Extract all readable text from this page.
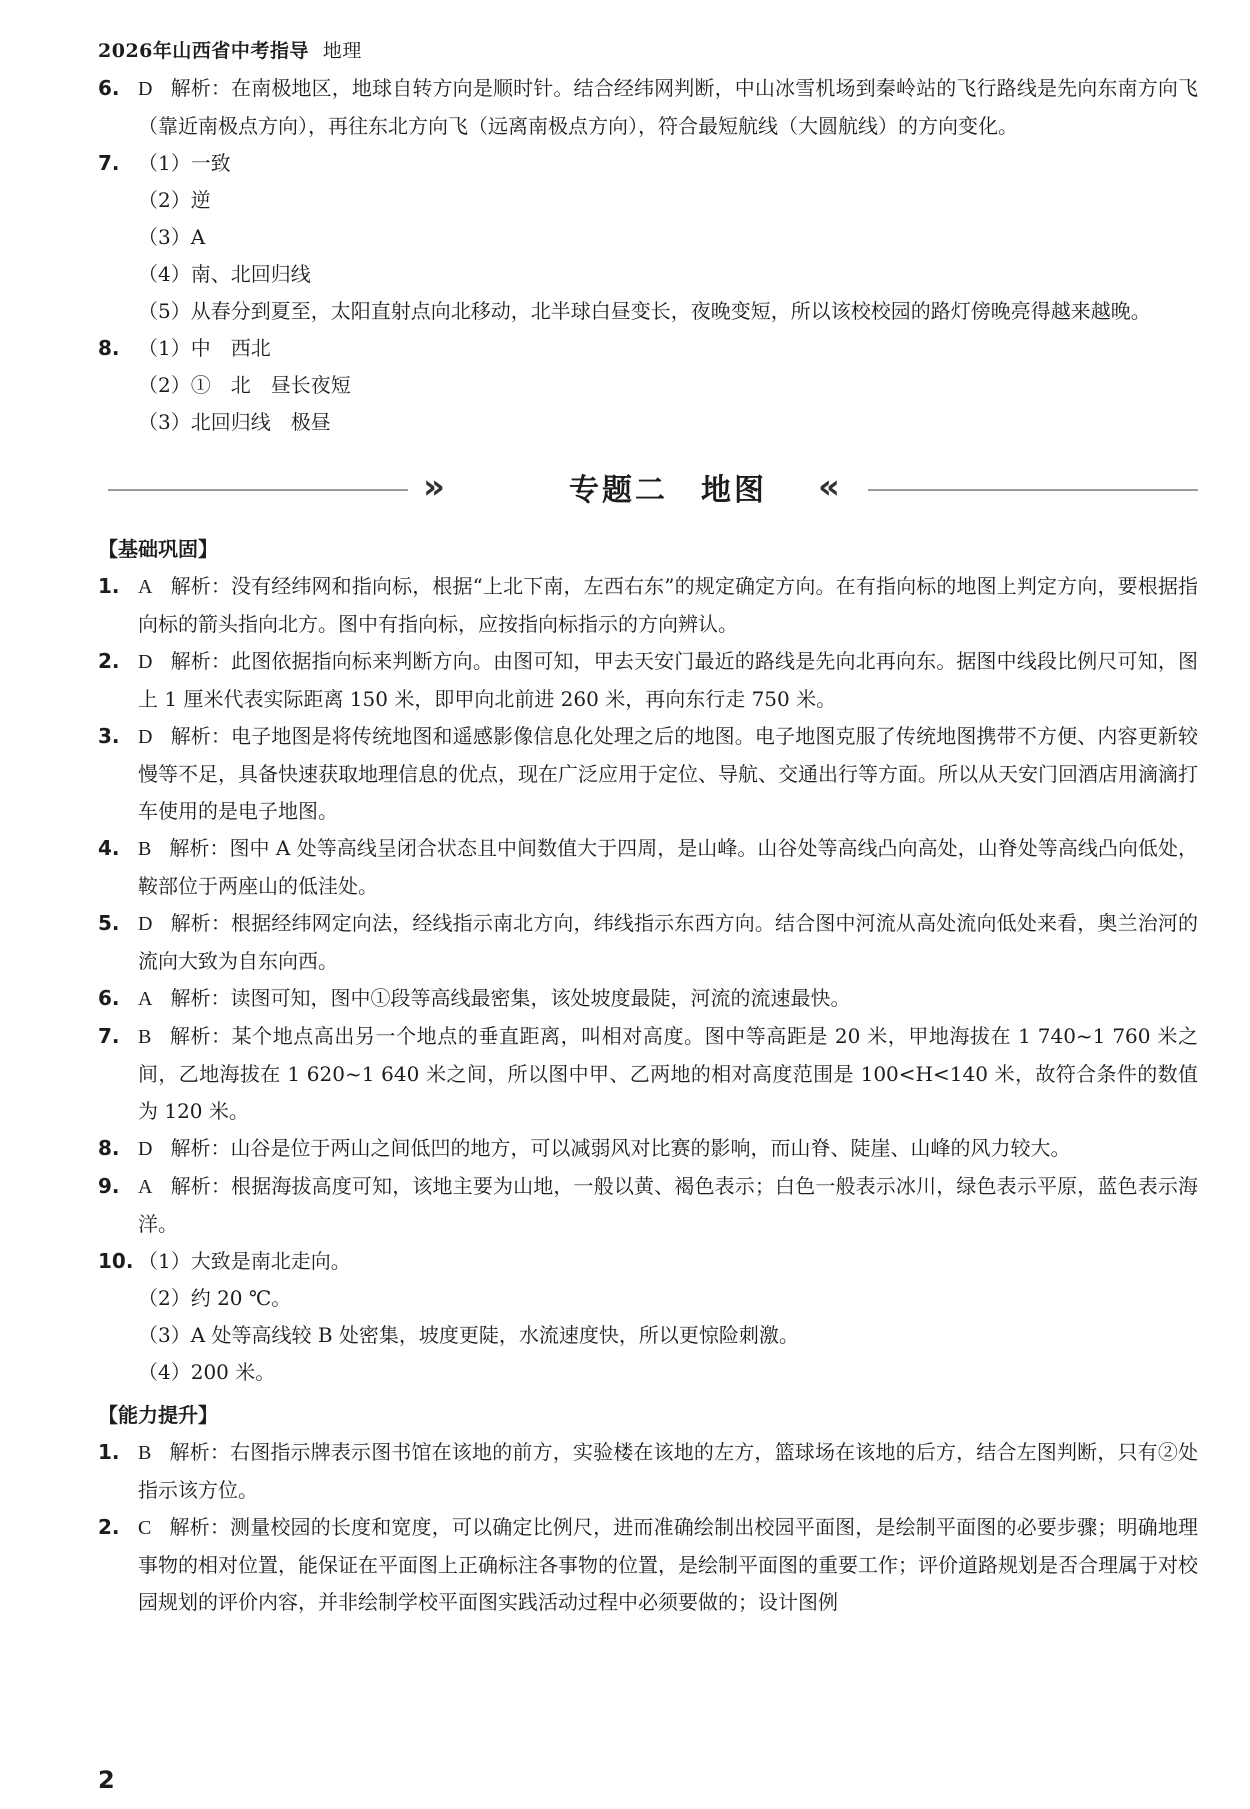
2026年山西省中考指导 地理
6. D 解析：在南极地区，地球自转方向是顺时针。结合经纬网判断，中山冰雪机场到秦岭站的飞行路线是先向东南方向飞（靠近南极点方向），再往东北方向飞（远离南极点方向），符合最短航线（大圆航线）的方向变化。
7. （1）一致
（2）逆
（3）A
（4）南、北回归线
（5）从春分到夏至，太阳直射点向北移动，北半球白昼变长，夜晚变短，所以该校校园的路灯傍晚亮得越来越晚。
8. （1）中　西北
（2）①　北　昼长夜短
（3）北回归线　极昼
»	专题二　地图	«
【基础巩固】
1. A 解析：没有经纬网和指向标，根据“上北下南，左西右东”的规定确定方向。在有指向标的地图上判定方向，要根据指向标的箭头指向北方。图中有指向标，应按指向标指示的方向辨认。
2. D 解析：此图依据指向标来判断方向。由图可知，甲去天安门最近的路线是先向北再向东。据图中线段比例尺可知，图上 1 厘米代表实际距离 150 米，即甲向北前进 260 米，再向东行走 750 米。
3. D 解析：电子地图是将传统地图和遥感影像信息化处理之后的地图。电子地图克服了传统地图携带不方便、内容更新较慢等不足，具备快速获取地理信息的优点，现在广泛应用于定位、导航、交通出行等方面。所以从天安门回酒店用滴滴打车使用的是电子地图。
4. B 解析：图中 A 处等高线呈闭合状态且中间数值大于四周，是山峰。山谷处等高线凸向高处，山脊处等高线凸向低处，鞍部位于两座山的低洼处。
5. D 解析：根据经纬网定向法，经线指示南北方向，纬线指示东西方向。结合图中河流从高处流向低处来看，奥兰治河的流向大致为自东向西。
6. A 解析：读图可知，图中①段等高线最密集，该处坡度最陡，河流的流速最快。
7. B 解析：某个地点高出另一个地点的垂直距离，叫相对高度。图中等高距是 20 米，甲地海拔在 1 740~1 760 米之间，乙地海拔在 1 620~1 640 米之间，所以图中甲、乙两地的相对高度范围是 100<H<140 米，故符合条件的数值为 120 米。
8. D 解析：山谷是位于两山之间低凹的地方，可以减弱风对比赛的影响，而山脊、陡崖、山峰的风力较大。
9. A 解析：根据海拔高度可知，该地主要为山地，一般以黄、褐色表示；白色一般表示冰川，绿色表示平原，蓝色表示海洋。
10. （1）大致是南北走向。
（2）约 20 ℃。
（3）A 处等高线较 B 处密集，坡度更陡，水流速度快，所以更惊险刺激。
（4）200 米。
【能力提升】
1. B 解析：右图指示牌表示图书馆在该地的前方，实验楼在该地的左方，篮球场在该地的后方，结合左图判断，只有②处指示该方位。
2. C 解析：测量校园的长度和宽度，可以确定比例尺，进而准确绘制出校园平面图，是绘制平面图的必要步骤；明确地理事物的相对位置，能保证在平面图上正确标注各事物的位置，是绘制平面图的重要工作；评价道路规划是否合理属于对校园规划的评价内容，并非绘制学校平面图实践活动过程中必须要做的；设计图例
2
